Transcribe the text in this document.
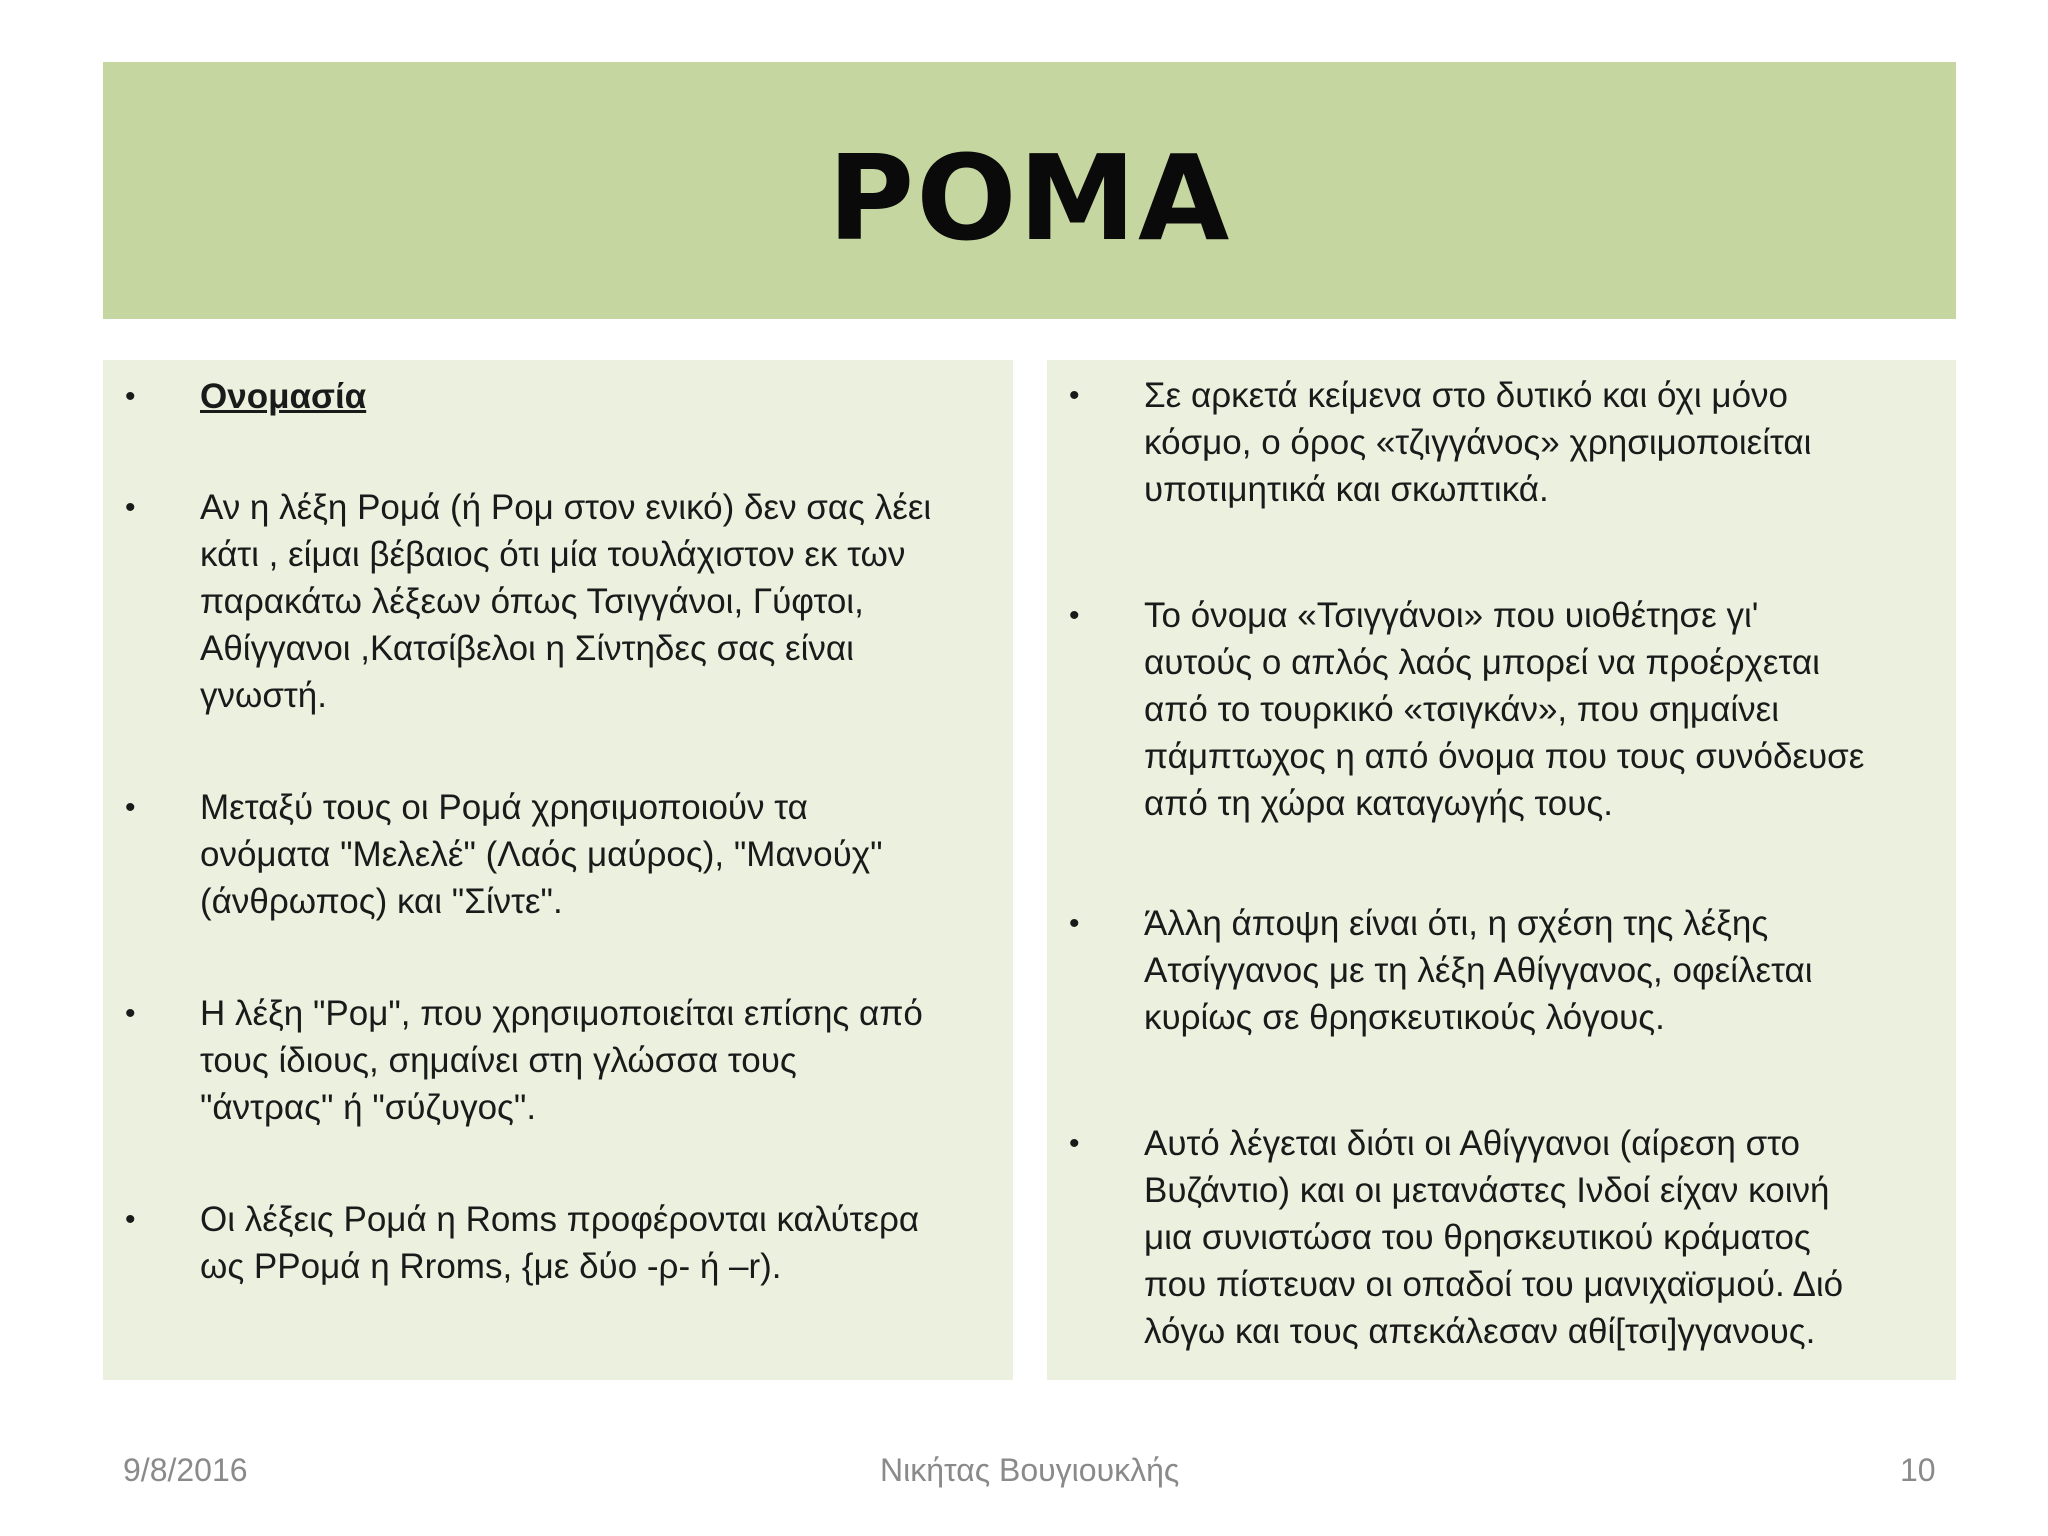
ΡΟΜΑ
• Ονομασία
• Αν η λέξη Ρομά (ή Ρομ στον ενικό) δεν σας λέει
κάτι , είμαι βέβαιος ότι μία τουλάχιστον εκ των
παρακάτω λέξεων όπως Τσιγγάνοι, Γύφτοι,
Αθίγγανοι ,Κατσίβελοι η Σίντηδες σας είναι
γνωστή.
• Μεταξύ τους οι Ρομά χρησιμοποιούν τα
ονόματα "Μελελέ" (Λαός μαύρος), "Μανούχ"
(άνθρωπος) και "Σίντε".
• Η λέξη "Ρομ", που χρησιμοποιείται επίσης από
τους ίδιους, σημαίνει στη γλώσσα τους
"άντρας" ή "σύζυγος".
• Οι λέξεις Ρομά η Roms προφέρονται καλύτερα
ως PΡομά η Rroms, {με δύο -ρ- ή –r).
• Σε αρκετά κείμενα στο δυτικό και όχι μόνο
κόσμο, ο όρος «τζιγγάνος» χρησιμοποιείται
υποτιμητικά και σκωπτικά.
• Το όνομα «Τσιγγάνοι» που υιοθέτησε γι'
αυτούς ο απλός λαός μπορεί να προέρχεται
από το τουρκικό «τσιγκάν», που σημαίνει
πάμπτωχος η από όνομα που τους συνόδευσε
από τη χώρα καταγωγής τους.
• Άλλη άποψη είναι ότι, η σχέση της λέξης
Ατσίγγανος με τη λέξη Αθίγγανος, οφείλεται
κυρίως σε θρησκευτικούς λόγους.
• Αυτό λέγεται διότι οι Αθίγγανοι (αίρεση στο
Βυζάντιο) και οι μετανάστες Ινδοί είχαν κοινή
μια συνιστώσα του θρησκευτικού κράματος
που πίστευαν οι οπαδοί του μανιχαϊσμού. Διό
λόγω και τους απεκάλεσαν αθί[τσι]γγανους.
9/8/2016	Νικήτας Βουγιουκλής	10
